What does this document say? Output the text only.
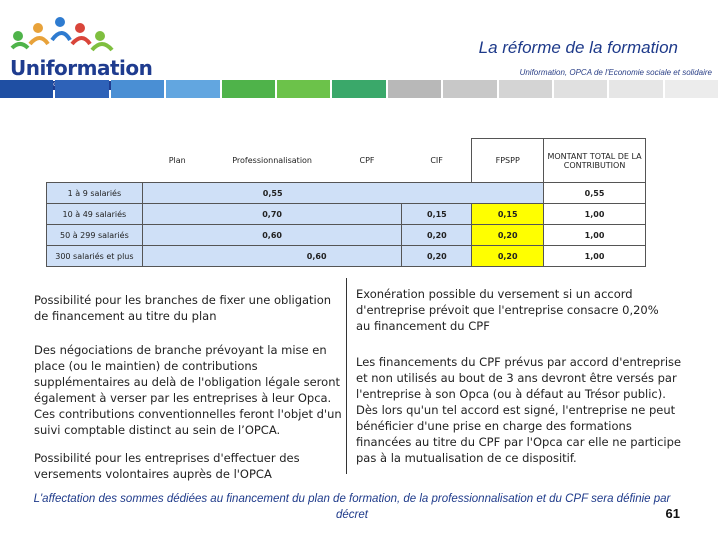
Uniformation
La réforme de la formation
Uniformation, OPCA de l'Economie sociale et solidaire
	Plan	Professionnalisation	CPF	CIF	FPSPP	MONTANT TOTAL DE LA CONTRIBUTION
1 à 9 salariés	0,55					0,55
10 à 49 salariés	0,70			0,15	0,15	1,00
50 à 299 salariés	0,60			0,20	0,20	1,00
300 salariés et plus	0,60			0,20	0,20	1,00
Possibilité pour les branches de fixer une obligation de financement au titre du plan
Des négociations de branche prévoyant la mise en place (ou le maintien) de contributions supplémentaires au delà de l'obligation légale seront également à verser par les entreprises à leur Opca. Ces contributions conventionnelles feront l'objet d'un suivi comptable distinct au sein de l’OPCA.
Possibilité pour les entreprises d'effectuer des versements volontaires auprès de l'OPCA
Exonération possible du versement si un accord d'entreprise prévoit que l'entreprise consacre 0,20% au financement du CPF
Les financements du CPF prévus par accord d'entreprise et non utilisés au bout de 3 ans devront être versés par l'entreprise à son Opca (ou à défaut au Trésor public). Dès lors qu'un tel accord est signé, l'entreprise ne peut bénéficier d'une prise en charge des formations financées au titre du CPF par l'Opca car elle ne participe pas à la mutualisation de ce dispositif.
L'affectation des sommes dédiées au financement du plan de formation, de la professionnalisation et du CPF sera définie par décret	61
